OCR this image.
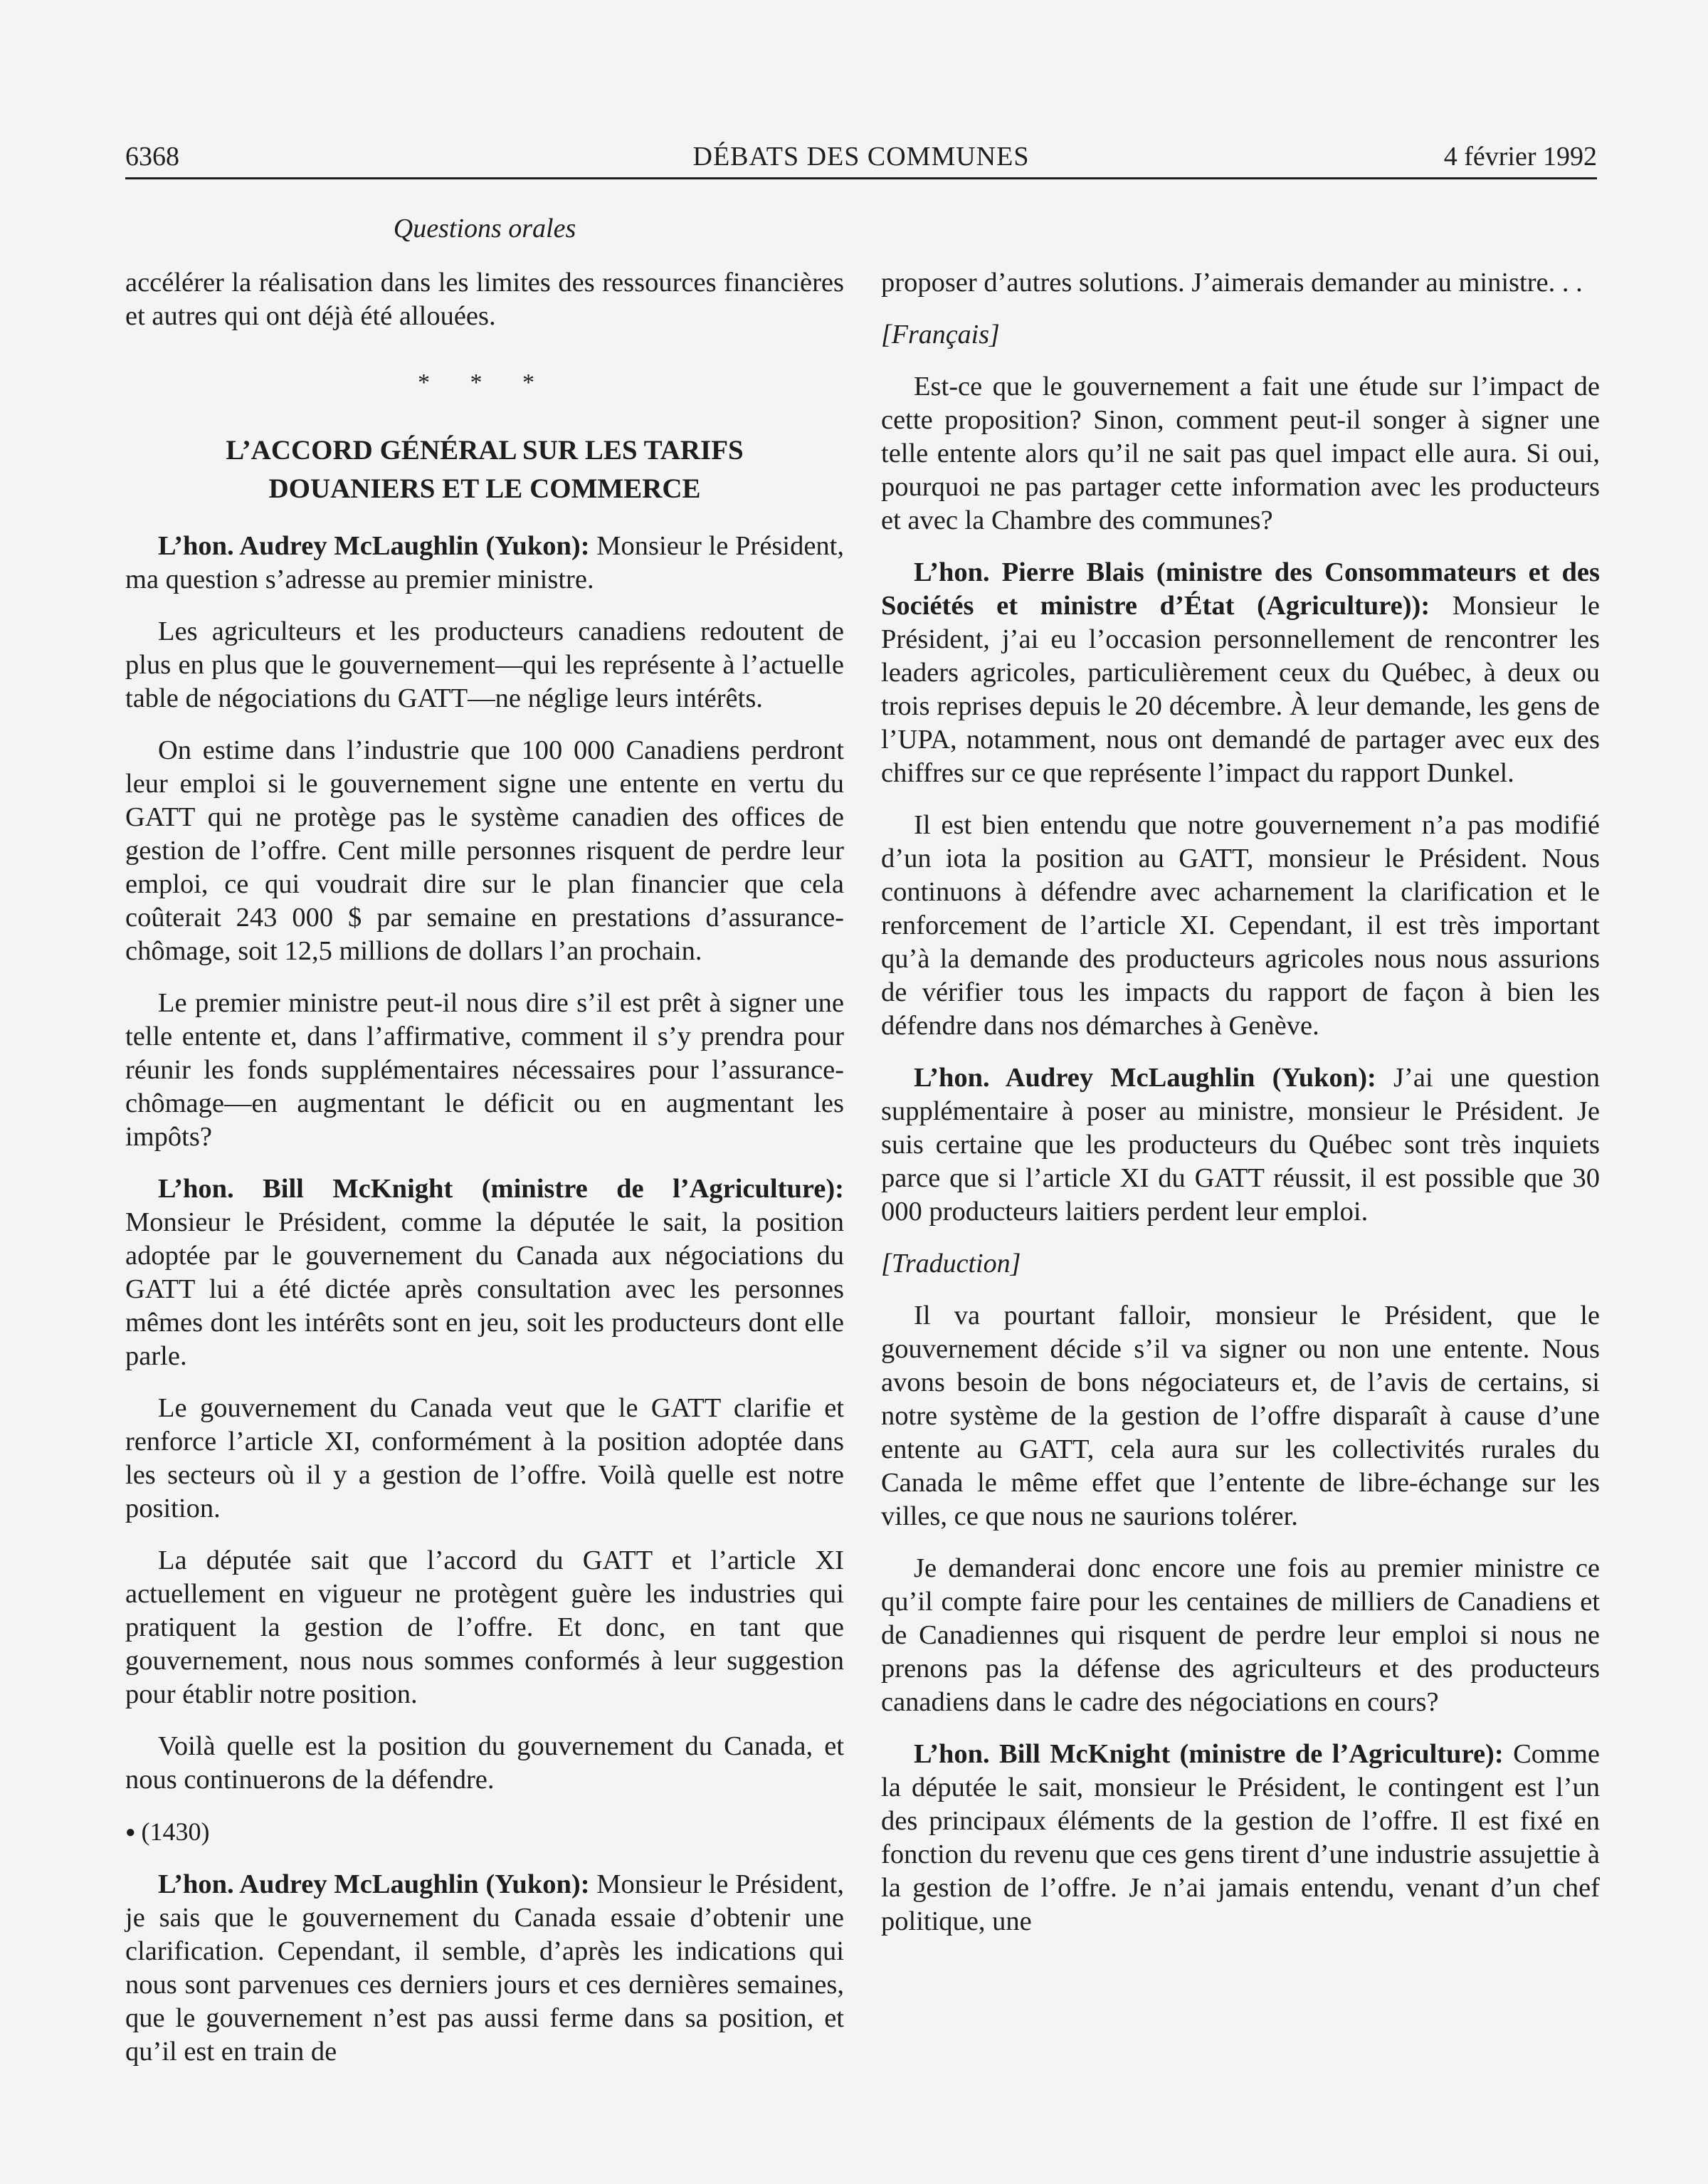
6368	DÉBATS DES COMMUNES	4 février 1992
Questions orales

accélérer la réalisation dans les limites des ressources financières et autres qui ont déjà été allouées.

* * *
L’ACCORD GÉNÉRAL SUR LES TARIFS
DOUANIERS ET LE COMMERCE

L’hon. Audrey McLaughlin (Yukon): Monsieur le Président, ma question s’adresse au premier ministre.

Les agriculteurs et les producteurs canadiens redoutent de plus en plus que le gouvernement—qui les représente à l’actuelle table de négociations du GATT—ne néglige leurs intérêts.

On estime dans l’industrie que 100 000 Canadiens perdront leur emploi si le gouvernement signe une entente en vertu du GATT qui ne protège pas le système canadien des offices de gestion de l’offre. Cent mille personnes risquent de perdre leur emploi, ce qui voudrait dire sur le plan financier que cela coûterait 243 000 $ par semaine en prestations d’assurance-chômage, soit 12,5 millions de dollars l’an prochain.

Le premier ministre peut-il nous dire s’il est prêt à signer une telle entente et, dans l’affirmative, comment il s’y prendra pour réunir les fonds supplémentaires nécessaires pour l’assurance-chômage—en augmentant le déficit ou en augmentant les impôts?

L’hon. Bill McKnight (ministre de l’Agriculture): Monsieur le Président, comme la députée le sait, la position adoptée par le gouvernement du Canada aux négociations du GATT lui a été dictée après consultation avec les personnes mêmes dont les intérêts sont en jeu, soit les producteurs dont elle parle.

Le gouvernement du Canada veut que le GATT clarifie et renforce l’article XI, conformément à la position adoptée dans les secteurs où il y a gestion de l’offre. Voilà quelle est notre position.

La députée sait que l’accord du GATT et l’article XI actuellement en vigueur ne protègent guère les industries qui pratiquent la gestion de l’offre. Et donc, en tant que gouvernement, nous nous sommes conformés à leur suggestion pour établir notre position.

Voilà quelle est la position du gouvernement du Canada, et nous continuerons de la défendre.

● (1430)

L’hon. Audrey McLaughlin (Yukon): Monsieur le Président, je sais que le gouvernement du Canada essaie d’obtenir une clarification. Cependant, il semble, d’après les indications qui nous sont parvenues ces derniers jours et ces dernières semaines, que le gouvernement n’est pas aussi ferme dans sa position, et qu’il est en train de

proposer d’autres solutions. J’aimerais demander au ministre. . .

[Français]

Est-ce que le gouvernement a fait une étude sur l’impact de cette proposition? Sinon, comment peut-il songer à signer une telle entente alors qu’il ne sait pas quel impact elle aura. Si oui, pourquoi ne pas partager cette information avec les producteurs et avec la Chambre des communes?

L’hon. Pierre Blais (ministre des Consommateurs et des Sociétés et ministre d’État (Agriculture)): Monsieur le Président, j’ai eu l’occasion personnellement de rencontrer les leaders agricoles, particulièrement ceux du Québec, à deux ou trois reprises depuis le 20 décembre. À leur demande, les gens de l’UPA, notamment, nous ont demandé de partager avec eux des chiffres sur ce que représente l’impact du rapport Dunkel.

Il est bien entendu que notre gouvernement n’a pas modifié d’un iota la position au GATT, monsieur le Président. Nous continuons à défendre avec acharnement la clarification et le renforcement de l’article XI. Cependant, il est très important qu’à la demande des producteurs agricoles nous nous assurions de vérifier tous les impacts du rapport de façon à bien les défendre dans nos démarches à Genève.

L’hon. Audrey McLaughlin (Yukon): J’ai une question supplémentaire à poser au ministre, monsieur le Président. Je suis certaine que les producteurs du Québec sont très inquiets parce que si l’article XI du GATT réussit, il est possible que 30 000 producteurs laitiers perdent leur emploi.

[Traduction]

Il va pourtant falloir, monsieur le Président, que le gouvernement décide s’il va signer ou non une entente. Nous avons besoin de bons négociateurs et, de l’avis de certains, si notre système de la gestion de l’offre disparaît à cause d’une entente au GATT, cela aura sur les collectivités rurales du Canada le même effet que l’entente de libre-échange sur les villes, ce que nous ne saurions tolérer.

Je demanderai donc encore une fois au premier ministre ce qu’il compte faire pour les centaines de milliers de Canadiens et de Canadiennes qui risquent de perdre leur emploi si nous ne prenons pas la défense des agriculteurs et des producteurs canadiens dans le cadre des négociations en cours?

L’hon. Bill McKnight (ministre de l’Agriculture): Comme la députée le sait, monsieur le Président, le contingent est l’un des principaux éléments de la gestion de l’offre. Il est fixé en fonction du revenu que ces gens tirent d’une industrie assujettie à la gestion de l’offre. Je n’ai jamais entendu, venant d’un chef politique, une
